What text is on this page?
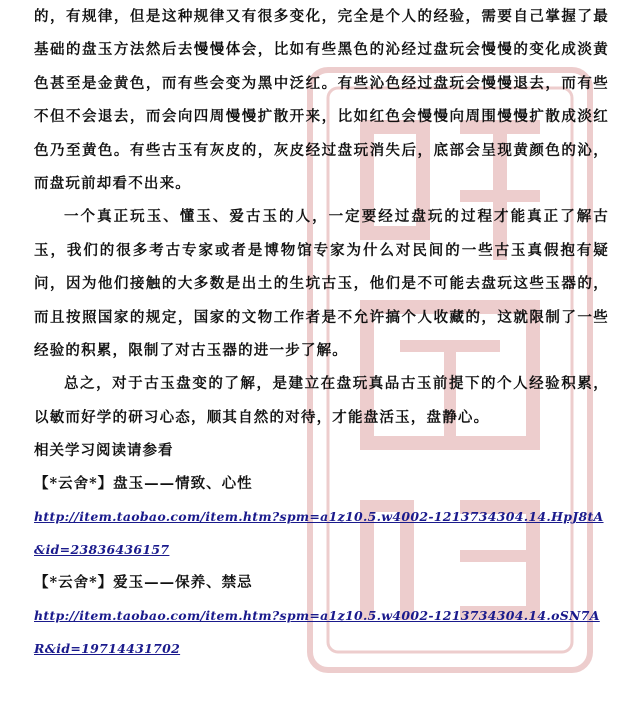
的，有规律，但是这种规律又有很多变化，完全是个人的经验，需要自己掌握了最基础的盘玉方法然后去慢慢体会，比如有些黑色的沁经过盘玩会慢慢的变化成淡黄色甚至是金黄色，而有些会变为黑中泛红。有些沁色经过盘玩会慢慢退去，而有些不但不会退去，而会向四周慢慢扩散开来，比如红色会慢慢向周围慢慢扩散成淡红色乃至黄色。有些古玉有灰皮的，灰皮经过盘玩消失后，底部会呈现黄颜色的沁，而盘玩前却看不出来。

一个真正玩玉、懂玉、爱古玉的人，一定要经过盘玩的过程才能真正了解古玉，我们的很多考古专家或者是博物馆专家为什么对民间的一些古玉真假抱有疑问，因为他们接触的大多数是出土的生坑古玉，他们是不可能去盘玩这些玉器的，而且按照国家的规定，国家的文物工作者是不允许搞个人收藏的，这就限制了一些经验的积累，限制了对古玉器的进一步了解。

总之，对于古玉盘变的了解，是建立在盘玩真品古玉前提下的个人经验积累，以敏而好学的研习心态，顺其自然的对待，才能盘活玉，盘静心。

相关学习阅读请参看

【*云舍*】盘玉——情致、心性

http://item.taobao.com/item.htm?spm=a1z10.5.w4002-1213734304.14.HpJ8tA&id=23836436157

【*云舍*】爱玉——保养、禁忌

http://item.taobao.com/item.htm?spm=a1z10.5.w4002-1213734304.14.oSN7AR&id=19714431702
